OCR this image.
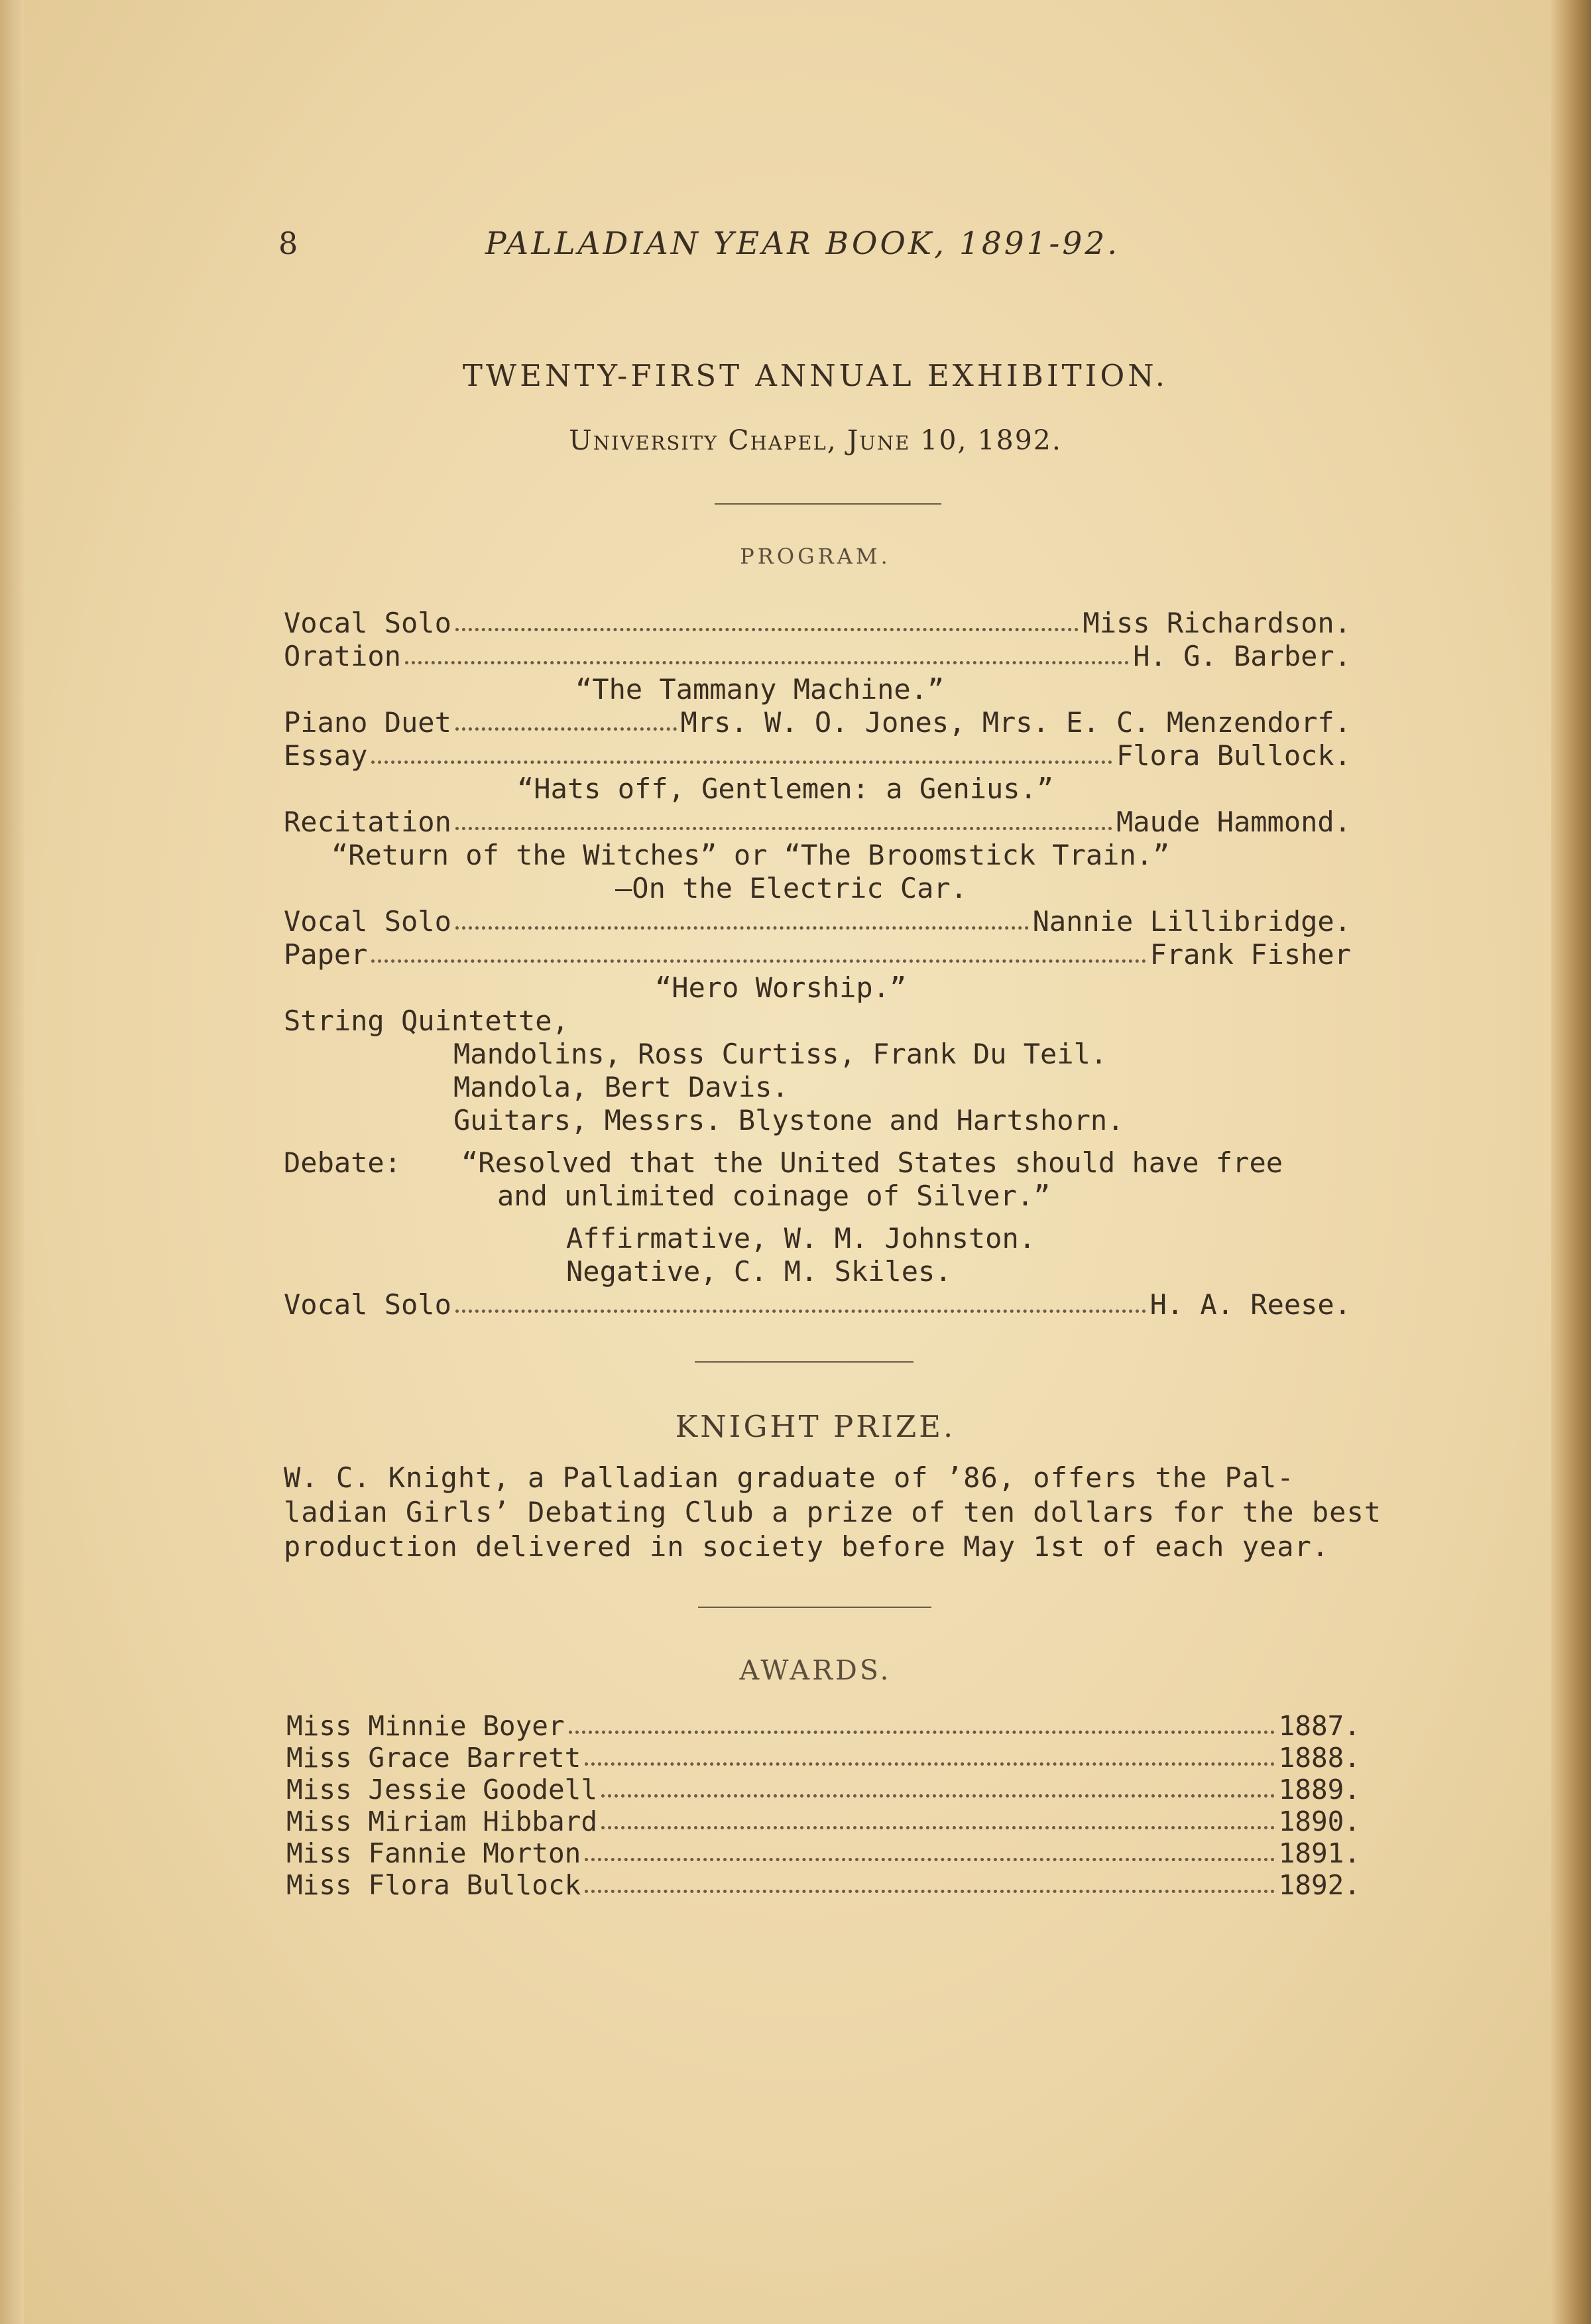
8	PALLADIAN YEAR BOOK, 1891-92.
TWENTY-FIRST ANNUAL EXHIBITION.
University Chapel, June 10, 1892.
PROGRAM.
Vocal Solo	Miss Richardson.
Oration	H. G. Barber.
“The Tammany Machine.”
Piano Duet	Mrs. W. O. Jones, Mrs. E. C. Menzendorf.
Essay	Flora Bullock.
“Hats off, Gentlemen: a Genius.”
Recitation	Maude Hammond.
“Return of the Witches” or “The Broomstick Train.”
—On the Electric Car.
Vocal Solo	Nannie Lillibridge.
Paper	Frank Fisher
“Hero Worship.”
String Quintette,
Mandolins, Ross Curtiss, Frank Du Teil.
Mandola, Bert Davis.
Guitars, Messrs. Blystone and Hartshorn.
Debate: “Resolved that the United States should have free
and unlimited coinage of Silver.”
Affirmative, W. M. Johnston.
Negative, C. M. Skiles.
Vocal Solo	H. A. Reese.
KNIGHT PRIZE.
W. C. Knight, a Palladian graduate of ’86, offers the Pal-
ladian Girls’ Debating Club a prize of ten dollars for the best
production delivered in society before May 1st of each year.
AWARDS.
Miss Minnie Boyer	1887.
Miss Grace Barrett	1888.
Miss Jessie Goodell	1889.
Miss Miriam Hibbard	1890.
Miss Fannie Morton	1891.
Miss Flora Bullock	1892.
